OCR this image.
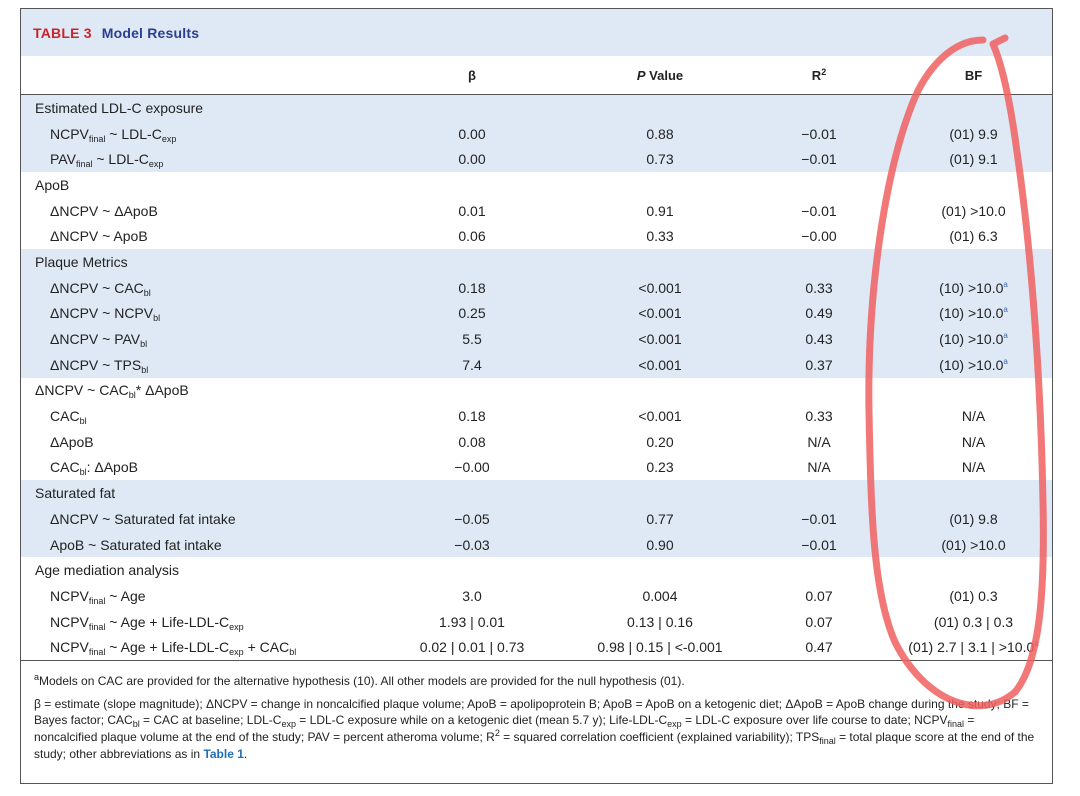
TABLE 3 Model Results
	β	P Value	$R^2$	BF
Estimated LDL-C exposure				
$NCPV_{final}$ ~ LDL-$C_{exp}$	0.00	0.88	−0.01	(01) 9.9
$PAV_{final}$ ~ LDL-$C_{exp}$	0.00	0.73	−0.01	(01) 9.1
ApoB				
ΔNCPV ~ ΔApoB	0.01	0.91	−0.01	(01) >10.0
ΔNCPV ~ ApoB	0.06	0.33	−0.00	(01) 6.3
Plaque Metrics				
ΔNCPV ~ $CAC_{bl}$	0.18	<0.001	0.33	(10) >10.0$^a$
ΔNCPV ~ $NCPV_{bl}$	0.25	<0.001	0.49	(10) >10.0$^a$
ΔNCPV ~ $PAV_{bl}$	5.5	<0.001	0.43	(10) >10.0$^a$
ΔNCPV ~ $TPS_{bl}$	7.4	<0.001	0.37	(10) >10.0$^a$
ΔNCPV ~ $CAC_{bl}*$ ΔApoB				
$CAC_{bl}$	0.18	<0.001	0.33	N/A
ΔApoB	0.08	0.20	N/A	N/A
$CAC_{bl}$: ΔApoB	−0.00	0.23	N/A	N/A
Saturated fat				
ΔNCPV ~ Saturated fat intake	−0.05	0.77	−0.01	(01) 9.8
ApoB ~ Saturated fat intake	−0.03	0.90	−0.01	(01) >10.0
Age mediation analysis				
$NCPV_{final}$ ~ Age	3.0	0.004	0.07	(01) 0.3
$NCPV_{final}$ ~ Age + Life-$LDL-C_{exp}$	1.93 | 0.01	0.13 | 0.16	0.07	(01) 0.3 | 0.3
$NCPV_{final}$ ~ Age + Life-$LDL-C_{exp} + CAC_{bl}$	0.02 | 0.01 | 0.73	0.98 | 0.15 | <-0.001	0.47	(01) 2.7 | 3.1 | >10.0$^a$

$^a$Models on CAC are provided for the alternative hypothesis (10). All other models are provided for the null hypothesis (01).

β = estimate (slope magnitude); ΔNCPV = change in noncalcified plaque volume; ApoB = apolipoprotein B; ApoB = ApoB on a ketogenic diet; ΔApoB = ApoB change during the study; BF = Bayes factor; $CAC_{bl}$ = CAC at baseline; LDL-$C_{exp} = LDL-C$ exposure while on a ketogenic diet (mean 5.7 y); Life-$LDL-C_{exp} = LDL-C$ exposure over life course to date; $NCPV_{final}$ = noncalcified plaque volume at the end of the study; PAV = percent atheroma volume; $R^2$ = squared correlation coefficient (explained variability); $TPS_{final}$ = total plaque score at the end of the study; other abbreviations as in Table 1.
